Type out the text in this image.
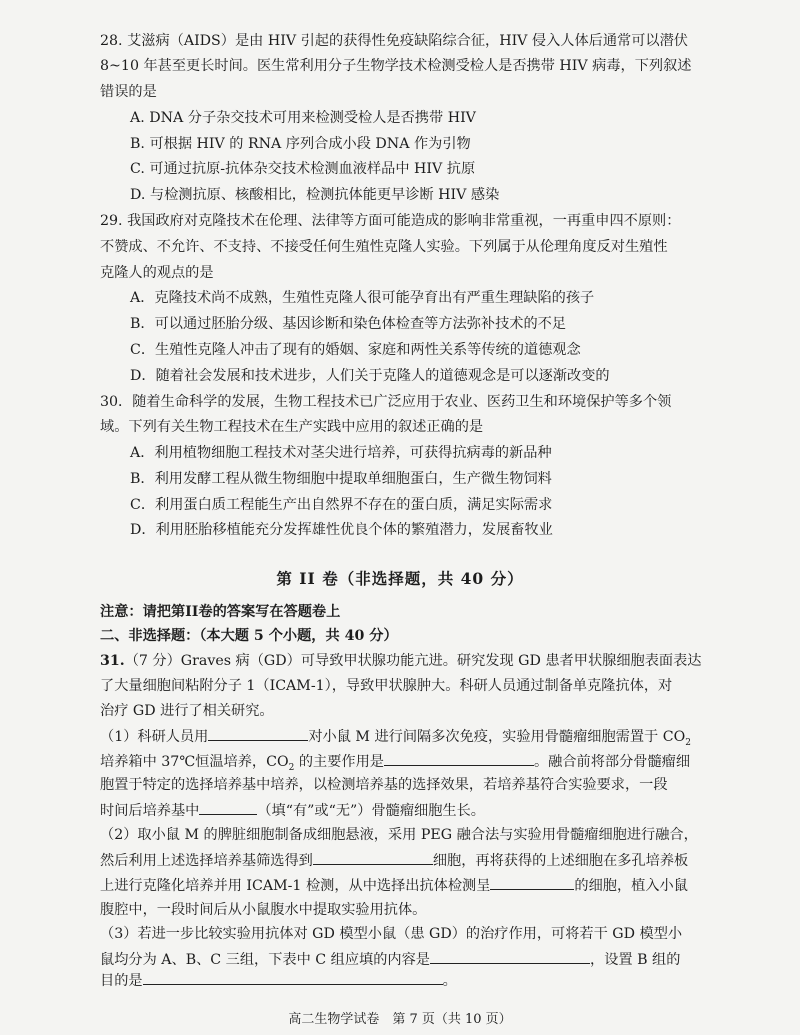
28. 艾滋病（AIDS）是由 HIV 引起的获得性免疫缺陷综合征，HIV 侵入人体后通常可以潜伏
8~10 年甚至更长时间。医生常利用分子生物学技术检测受检人是否携带 HIV 病毒，下列叙述
错误的是
A. DNA 分子杂交技术可用来检测受检人是否携带 HIV
B. 可根据 HIV 的 RNA 序列合成小段 DNA 作为引物
C. 可通过抗原-抗体杂交技术检测血液样品中 HIV 抗原
D. 与检测抗原、核酸相比，检测抗体能更早诊断 HIV 感染
29. 我国政府对克隆技术在伦理、法律等方面可能造成的影响非常重视，一再重申四不原则：
不赞成、不允许、不支持、不接受任何生殖性克隆人实验。下列属于从伦理角度反对生殖性
克隆人的观点的是
A．克隆技术尚不成熟，生殖性克隆人很可能孕育出有严重生理缺陷的孩子
B．可以通过胚胎分级、基因诊断和染色体检查等方法弥补技术的不足
C．生殖性克隆人冲击了现有的婚姻、家庭和两性关系等传统的道德观念
D．随着社会发展和技术进步，人们关于克隆人的道德观念是可以逐渐改变的
30．随着生命科学的发展，生物工程技术已广泛应用于农业、医药卫生和环境保护等多个领
域。下列有关生物工程技术在生产实践中应用的叙述正确的是
A．利用植物细胞工程技术对茎尖进行培养，可获得抗病毒的新品种
B．利用发酵工程从微生物细胞中提取单细胞蛋白，生产微生物饲料
C．利用蛋白质工程能生产出自然界不存在的蛋白质，满足实际需求
D．利用胚胎移植能充分发挥雄性优良个体的繁殖潜力，发展畜牧业
第 II 卷（非选择题，共 40 分）
注意：请把第II卷的答案写在答题卷上
二、非选择题：（本大题 5 个小题，共 40 分）
31.（7 分）Graves 病（GD）可导致甲状腺功能亢进。研究发现 GD 患者甲状腺细胞表面表达
了大量细胞间粘附分子 1（ICAM-1），导致甲状腺肿大。科研人员通过制备单克隆抗体，对
治疗 GD 进行了相关研究。
（1）科研人员用	对小鼠 M 进行间隔多次免疫，实验用骨髓瘤细胞需置于 $CO_2$
培养箱中 37℃恒温培养，$CO_2$ 的主要作用是	。融合前将部分骨髓瘤细
胞置于特定的选择培养基中培养，以检测培养基的选择效果，若培养基符合实验要求，一段
时间后培养基中	（填“有”或“无”）骨髓瘤细胞生长。
（2）取小鼠 M 的脾脏细胞制备成细胞悬液，采用 PEG 融合法与实验用骨髓瘤细胞进行融合，
然后利用上述选择培养基筛选得到	细胞，再将获得的上述细胞在多孔培养板
上进行克隆化培养并用 ICAM-1 检测，从中选择出抗体检测呈	的细胞，植入小鼠
腹腔中，一段时间后从小鼠腹水中提取实验用抗体。
（3）若进一步比较实验用抗体对 GD 模型小鼠（患 GD）的治疗作用，可将若干 GD 模型小
鼠均分为 A、B、C 三组，下表中 C 组应填的内容是	，设置 B 组的
目的是	。
高二生物学试卷　第 7 页（共 10 页）
